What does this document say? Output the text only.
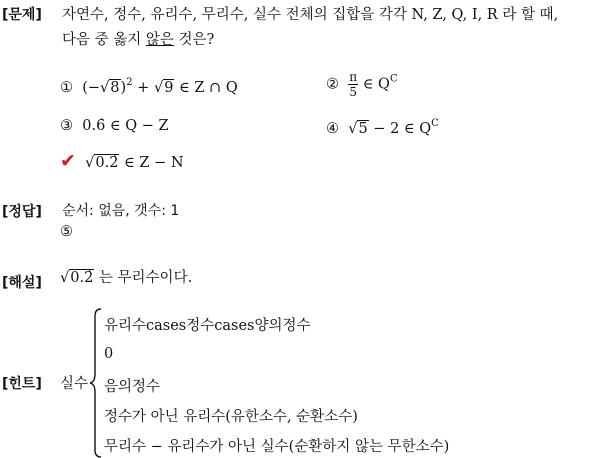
[문제] 자연수, 정수, 유리수, 무리수, 실수 전체의 집합을 각각 N, Z, Q, I, R 라 할 때,
다음 중 옳지 않은 것은?
① $(-√8)^2 + √9$ ∈ Z ∩ Q	② $\frac{\pi}{5}$ ∈ $Q^C$
③ 0.6̇ ∈ Q − Z	④ √5 − 2 ∈ $Q^C$
✔ √0.2̇ ∈ Z − N
[정답] 순서: 없음, 갯수: 1
⑤
[해설] √0.2̇ 는 무리수이다.
[힌트] 실수
유리수cases정수cases양의정수
0
음의정수
정수가 아닌 유리수(유한소수, 순환소수)
무리수 − 유리수가 아닌 실수(순환하지 않는 무한소수)
